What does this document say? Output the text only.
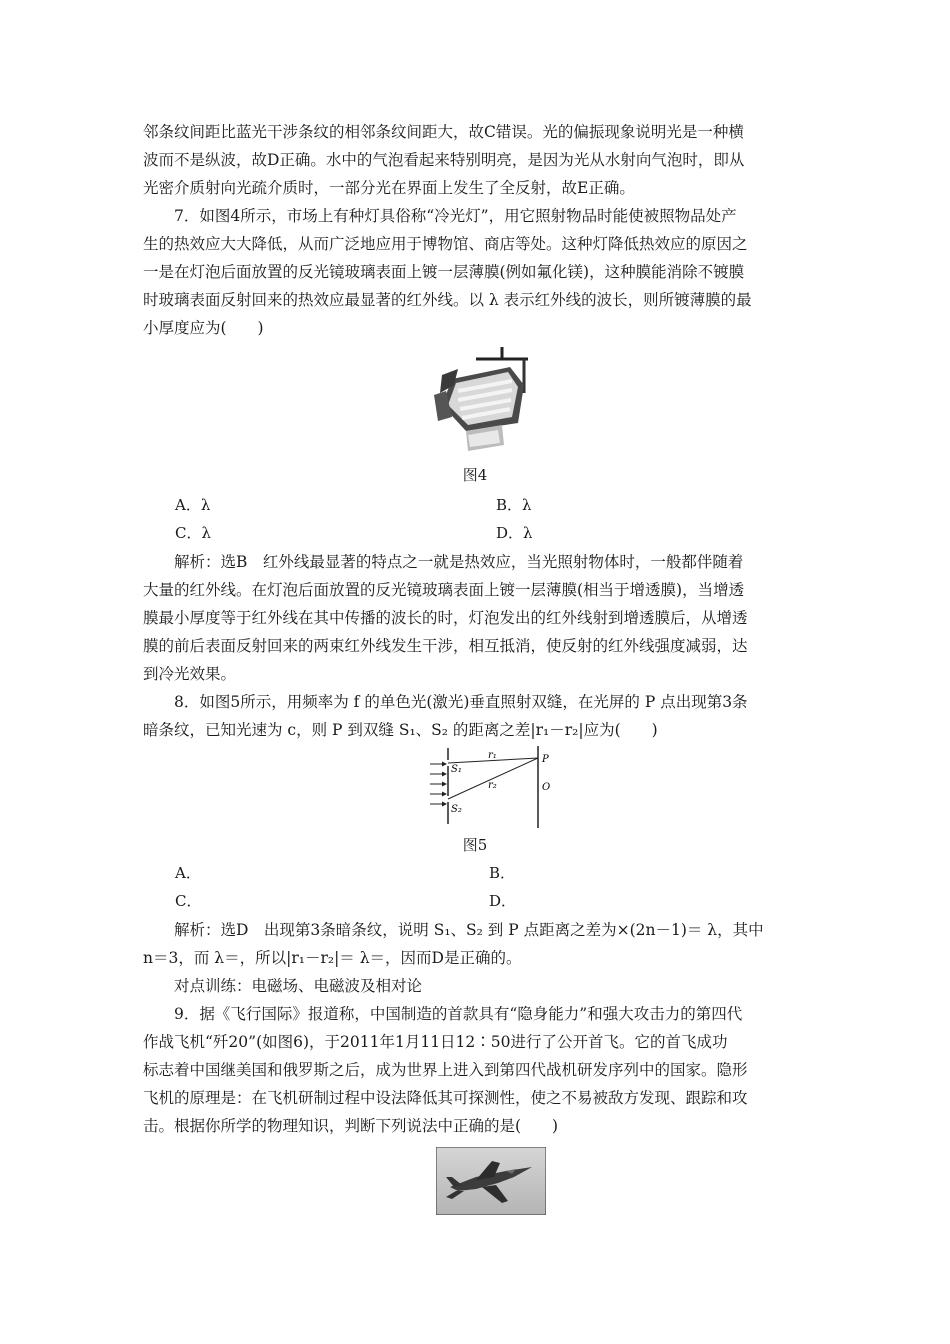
邻条纹间距比蓝光干涉条纹的相邻条纹间距大，故C错误。光的偏振现象说明光是一种横
波而不是纵波，故D正确。水中的气泡看起来特别明亮，是因为光从水射向气泡时，即从
光密介质射向光疏介质时，一部分光在界面上发生了全反射，故E正确。
7．如图4所示，市场上有种灯具俗称“冷光灯”，用它照射物品时能使被照物品处产
生的热效应大大降低，从而广泛地应用于博物馆、商店等处。这种灯降低热效应的原因之
一是在灯泡后面放置的反光镜玻璃表面上镀一层薄膜(例如氟化镁)，这种膜能消除不镀膜
时玻璃表面反射回来的热效应最显著的红外线。以 λ 表示红外线的波长，则所镀薄膜的最
小厚度应为(　　)
图4
A．λ	B．λ
C．λ	D．λ
解析：选B　红外线最显著的特点之一就是热效应，当光照射物体时，一般都伴随着
大量的红外线。在灯泡后面放置的反光镜玻璃表面上镀一层薄膜(相当于增透膜)，当增透
膜最小厚度等于红外线在其中传播的波长的时，灯泡发出的红外线射到增透膜后，从增透
膜的前后表面反射回来的两束红外线发生干涉，相互抵消，使反射的红外线强度减弱，达
到冷光效果。
8．如图5所示，用频率为 f 的单色光(激光)垂直照射双缝，在光屏的 P 点出现第3条
暗条纹，已知光速为 c，则 P 到双缝 S₁、S₂ 的距离之差|r₁－r₂|应为(　　)
S₁
S₂
r₁
r₂
P
O
图5
A．	B．
C．	D．
解析：选D　出现第3条暗条纹，说明 S₁、S₂ 到 P 点距离之差为×(2n－1)＝ λ，其中
n＝3，而 λ＝，所以|r₁－r₂|＝ λ＝，因而D是正确的。
对点训练：电磁场、电磁波及相对论
9．据《飞行国际》报道称，中国制造的首款具有“隐身能力”和强大攻击力的第四代
作战飞机“歼20”(如图6)，于2011年1月11日12∶50进行了公开首飞。它的首飞成功
标志着中国继美国和俄罗斯之后，成为世界上进入到第四代战机研发序列中的国家。隐形
飞机的原理是：在飞机研制过程中设法降低其可探测性，使之不易被敌方发现、跟踪和攻
击。根据你所学的物理知识，判断下列说法中正确的是(　　)
